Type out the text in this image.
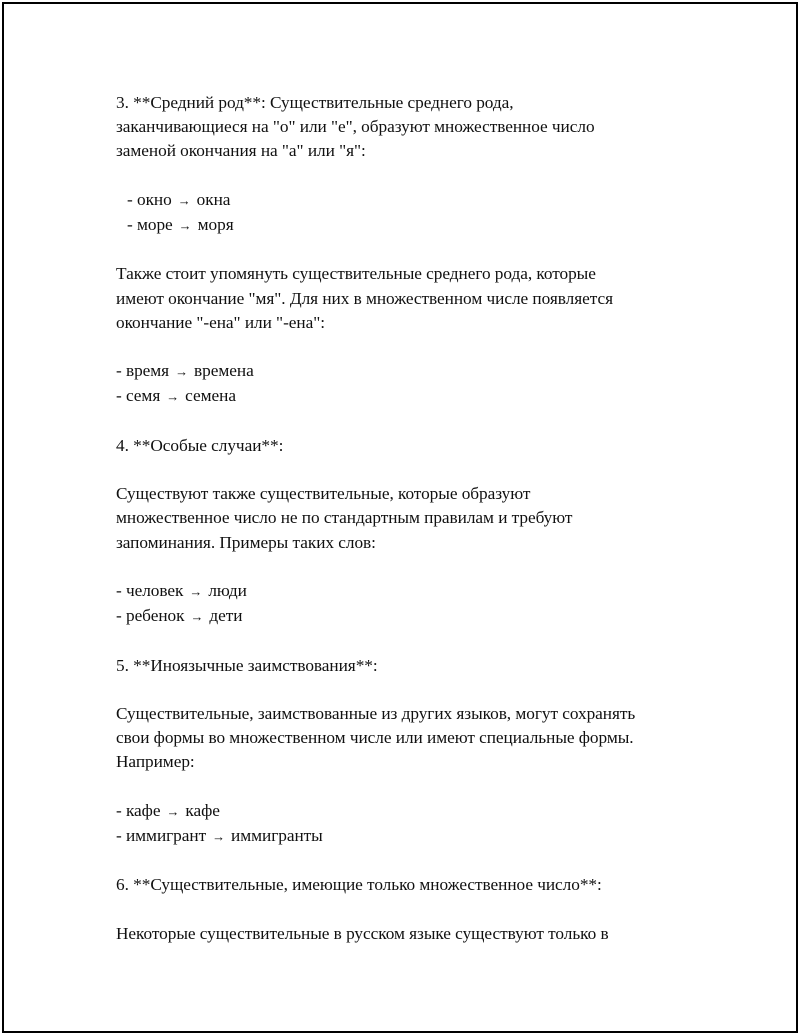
3. **Средний род**: Существительные среднего рода,
заканчивающиеся на "о" или "е", образуют множественное число
заменой окончания на "а" или "я":

- окно → окна
- море → моря

Также стоит упомянуть существительные среднего рода, которые
имеют окончание "мя". Для них в множественном числе появляется
окончание "-ена" или "-ена":

- время → времена
- семя → семена

4. **Особые случаи**:

Существуют также существительные, которые образуют
множественное число не по стандартным правилам и требуют
запоминания. Примеры таких слов:

- человек → люди
- ребенок → дети

5. **Иноязычные заимствования**:

Существительные, заимствованные из других языков, могут сохранять
свои формы во множественном числе или имеют специальные формы.
Например:

- кафе → кафе
- иммигрант → иммигранты

6. **Существительные, имеющие только множественное число**:

Некоторые существительные в русском языке существуют только в
